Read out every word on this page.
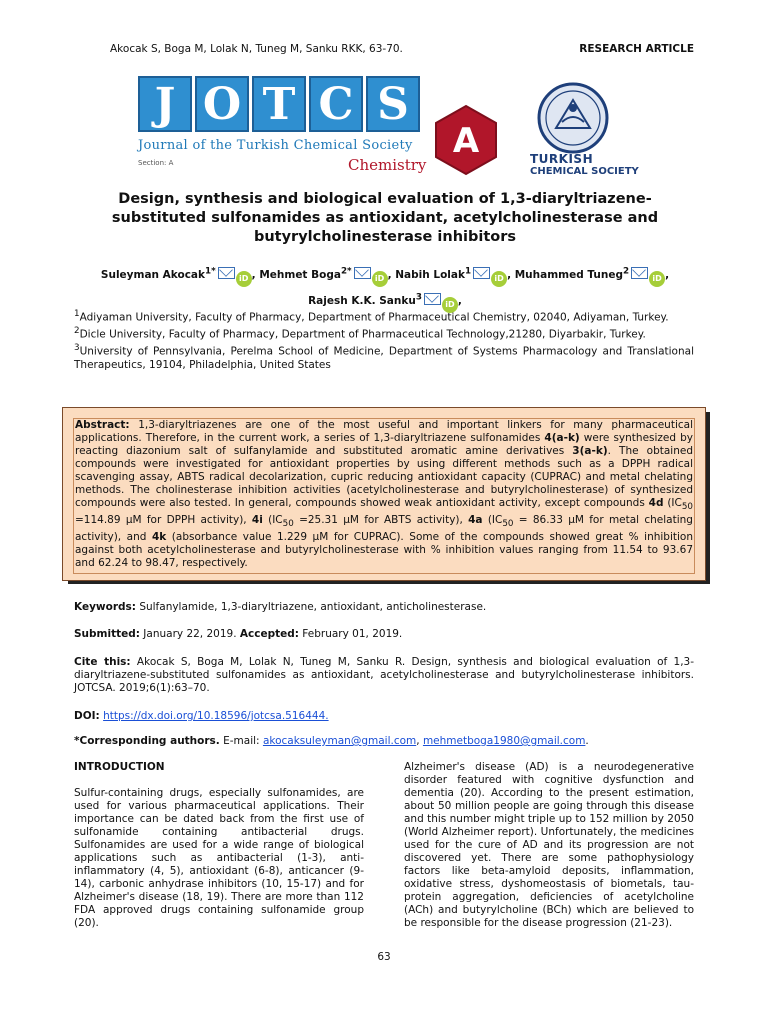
Akocak S, Boga M, Lolak N, Tuneg M, Sanku RKK, 63-70.	RESEARCH ARTICLE
J O T C S
Journal of the Turkish Chemical Society
Section: A	Chemistry
A	TURKISH
CHEMICAL SOCIETY
Design, synthesis and biological evaluation of 1,3-diaryltriazene-substituted sulfonamides as antioxidant, acetylcholinesterase and butyrylcholinesterase inhibitors
Suleyman Akocak$^{1*}$iD , Mehmet Boga$^{2*}$iD , Nabih Lolak$^1$iD , Muhammed Tuneg$^2$iD ,
Rajesh K.K. Sanku$^3$iD ,

$^1$Adiyaman University, Faculty of Pharmacy, Department of Pharmaceutical Chemistry, 02040, Adiyaman, Turkey.

$^2$Dicle University, Faculty of Pharmacy, Department of Pharmaceutical Technology,21280, Diyarbakir, Turkey.

$^3$University of Pennsylvania, Perelma School of Medicine, Department of Systems Pharmacology and Translational Therapeutics, 19104, Philadelphia, United States

Abstract: 1,3-diaryltriazenes are one of the most useful and important linkers for many pharmaceutical applications. Therefore, in the current work, a series of 1,3-diaryltriazene sulfonamides 4(a-k) were synthesized by reacting diazonium salt of sulfanylamide and substituted aromatic amine derivatives 3(a-k). The obtained compounds were investigated for antioxidant properties by using different methods such as a DPPH radical scavenging assay, ABTS radical decolarization, cupric reducing antioxidant capacity (CUPRAC) and metal chelating methods. The cholinesterase inhibition activities (acetylcholinesterase and butyrylcholinesterase) of synthesized compounds were also tested. In general, compounds showed weak antioxidant activity, except compounds 4d ($IC_{50} =114.89$ μM for DPPH activity), 4i ($IC_{50} =25.31$ μM for ABTS activity), 4a ($IC_{50} = 86.33$ μM for metal chelating activity), and 4k (absorbance value 1.229 μM for CUPRAC). Some of the compounds showed great % inhibition against both acetylcholinesterase and butyrylcholinesterase with % inhibition values ranging from 11.54 to 93.67 and 62.24 to 98.47, respectively.
Keywords: Sulfanylamide, 1,3-diaryltriazene, antioxidant, anticholinesterase.
Submitted: January 22, 2019. Accepted: February 01, 2019.
Cite this: Akocak S, Boga M, Lolak N, Tuneg M, Sanku R. Design, synthesis and biological evaluation of 1,3-diaryltriazene-substituted sulfonamides as antioxidant, acetylcholinesterase and butyrylcholinesterase inhibitors. JOTCSA. 2019;6(1):63–70.
DOI: https://dx.doi.org/10.18596/jotcsa.516444.
*Corresponding authors. E-mail: akocaksuleyman@gmail.com, mehmetboga1980@gmail.com.
INTRODUCTION
Sulfur-containing drugs, especially sulfonamides, are used for various pharmaceutical applications. Their importance can be dated back from the first use of sulfonamide containing antibacterial drugs. Sulfonamides are used for a wide range of biological applications such as antibacterial (1-3), anti-inflammatory (4, 5), antioxidant (6-8), anticancer (9-14), carbonic anhydrase inhibitors (10, 15-17) and for Alzheimer's disease (18, 19). There are more than 112 FDA approved drugs containing sulfonamide group (20).
Alzheimer's disease (AD) is a neurodegenerative disorder featured with cognitive dysfunction and dementia (20). According to the present estimation, about 50 million people are going through this disease and this number might triple up to 152 million by 2050 (World Alzheimer report). Unfortunately, the medicines used for the cure of AD and its progression are not discovered yet. There are some pathophysiology factors like beta-amyloid deposits, inflammation, oxidative stress, dyshomeostasis of biometals, tau-protein aggregation, deficiencies of acetylcholine (ACh) and butyrylcholine (BCh) which are believed to be responsible for the disease progression (21-23).
63
